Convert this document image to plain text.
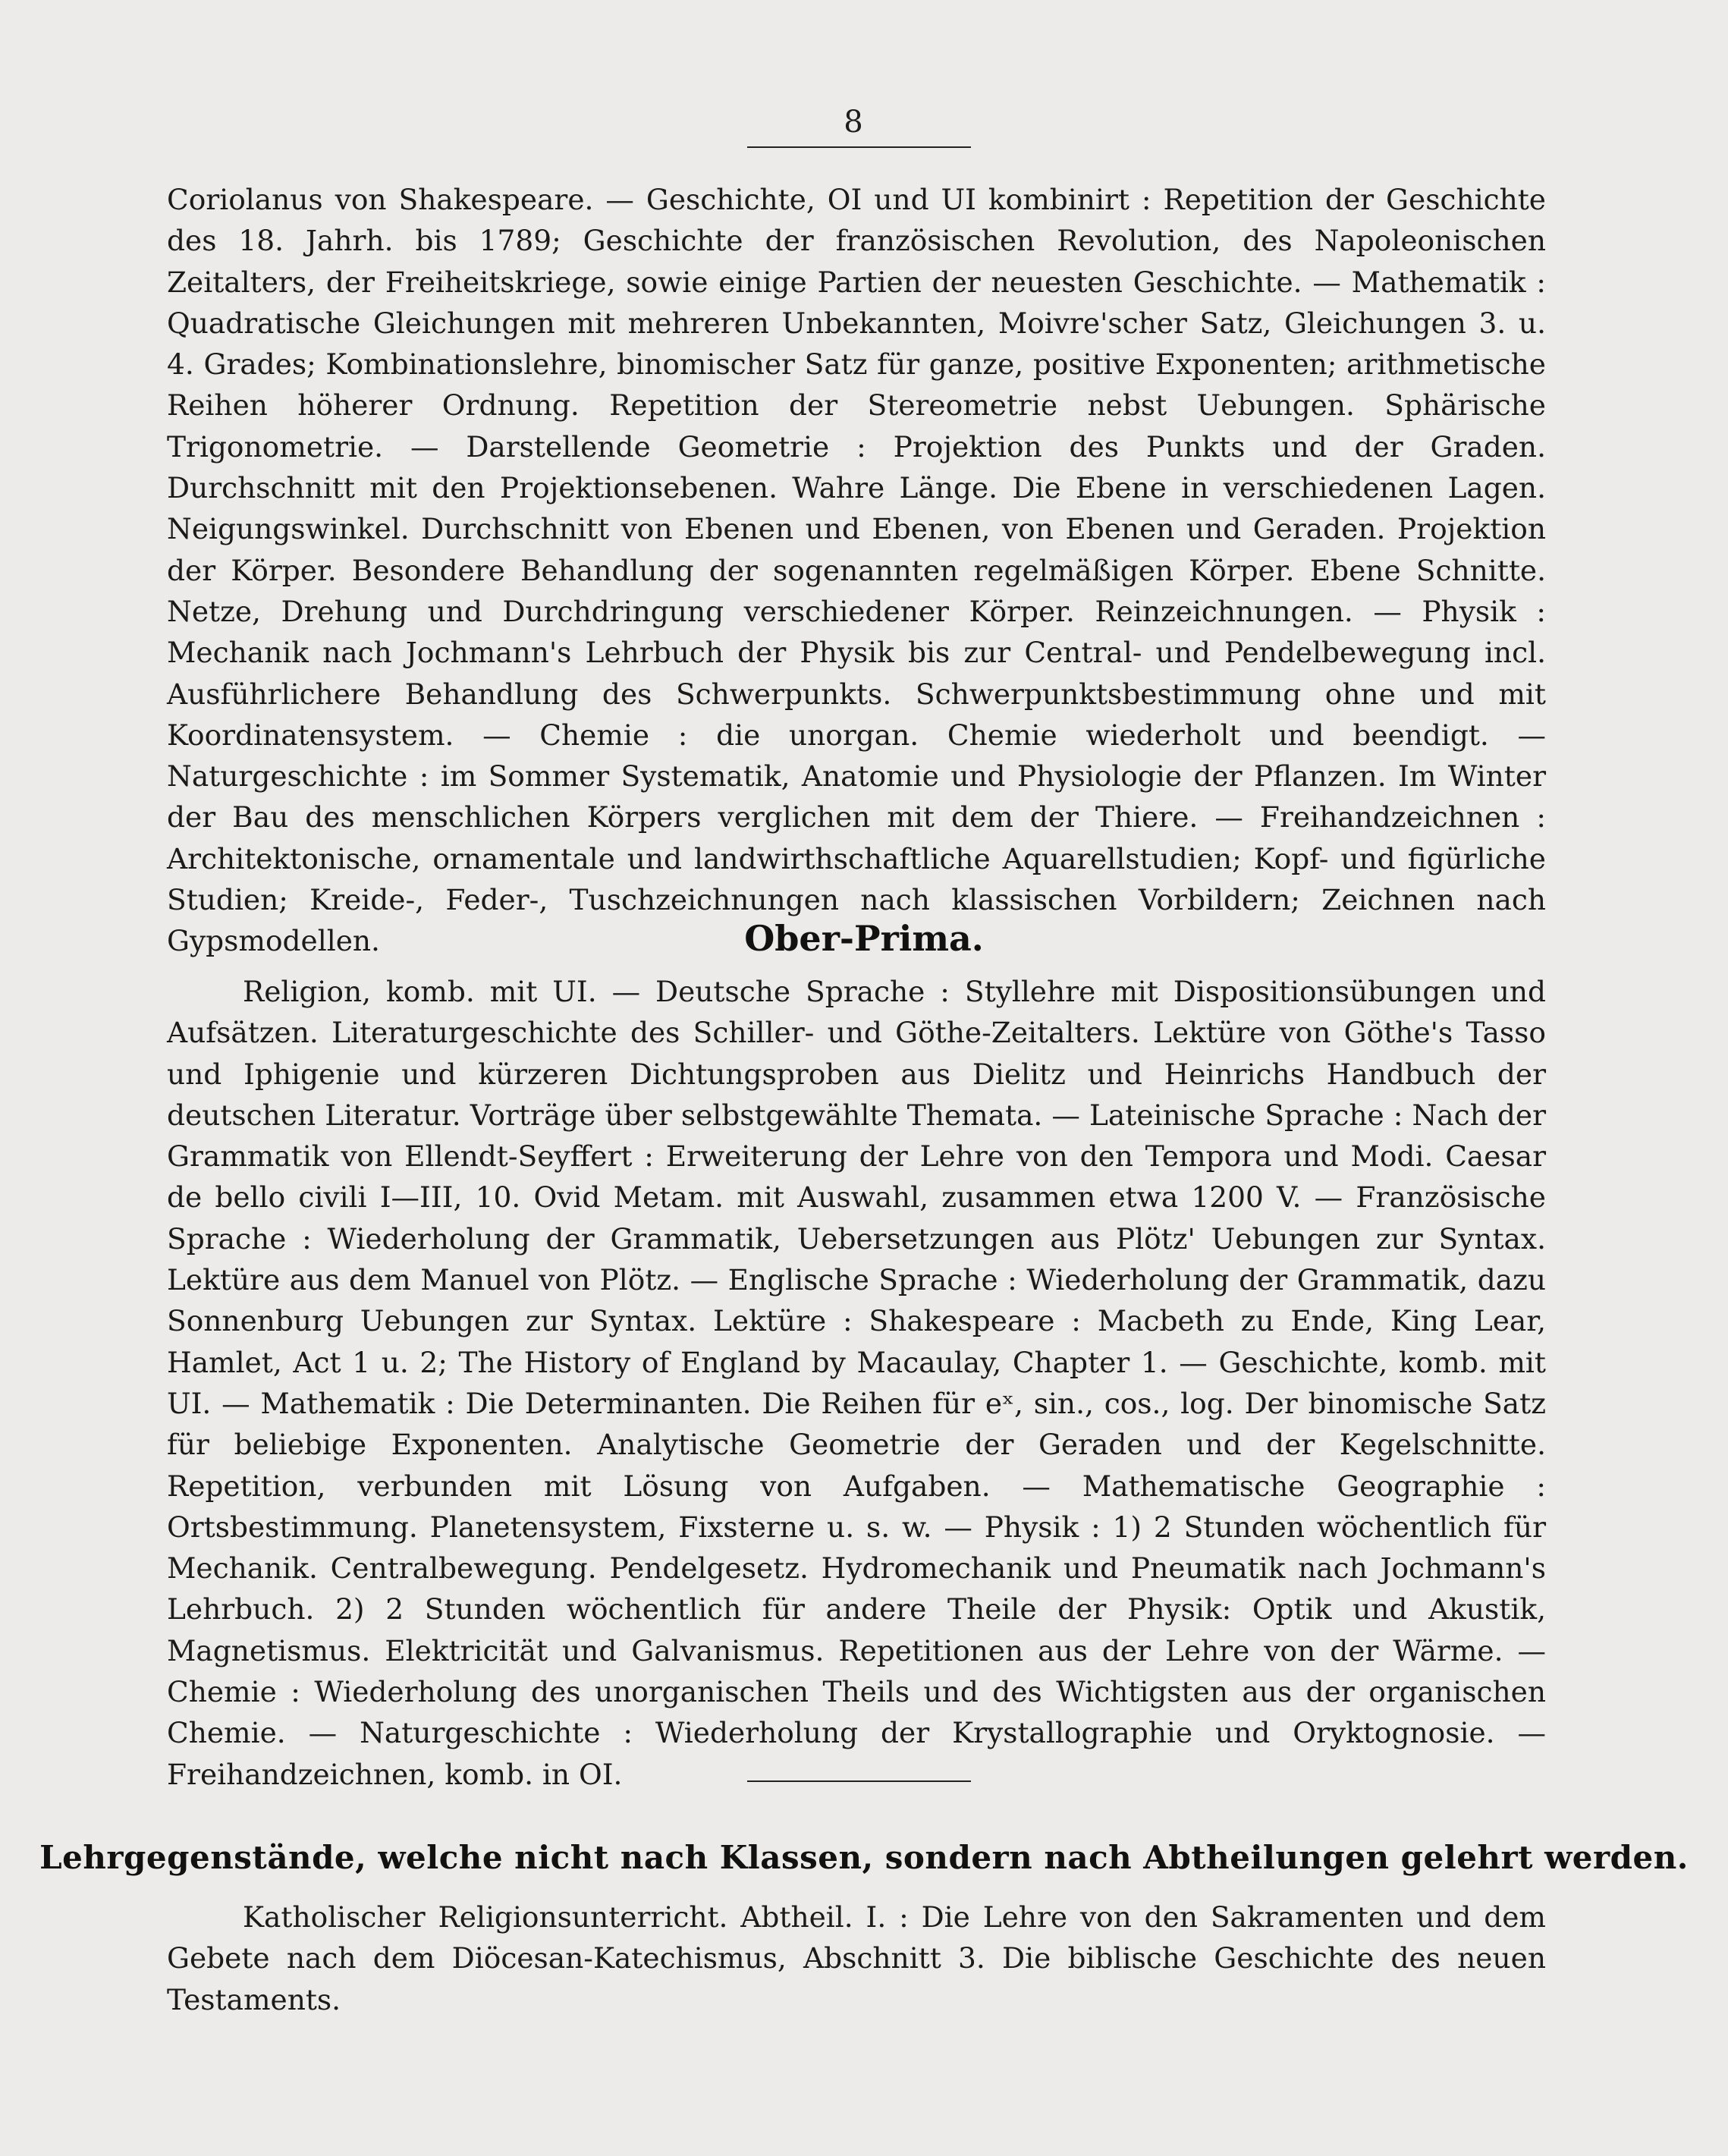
8

Coriolanus von Shakespeare. — Geschichte, OI und UI kombinirt : Repetition der Geschichte des 18. Jahrh. bis 1789; Geschichte der französischen Revolution, des Napoleonischen Zeitalters, der Freiheitskriege, sowie einige Partien der neuesten Geschichte. — Mathematik : Quadratische Gleichungen mit mehreren Unbekannten, Moivre'scher Satz, Gleichungen 3. u. 4. Grades; Kombinationslehre, binomischer Satz für ganze, positive Exponenten; arithmetische Reihen höherer Ordnung. Repetition der Stereometrie nebst Uebungen. Sphärische Trigonometrie. — Darstellende Geometrie : Projektion des Punkts und der Graden. Durchschnitt mit den Projektionsebenen. Wahre Länge. Die Ebene in verschiedenen Lagen. Neigungswinkel. Durchschnitt von Ebenen und Ebenen, von Ebenen und Geraden. Projektion der Körper. Besondere Behandlung der sogenannten regelmäßigen Körper. Ebene Schnitte. Netze, Drehung und Durchdringung verschiedener Körper. Reinzeichnungen. — Physik : Mechanik nach Jochmann's Lehrbuch der Physik bis zur Central- und Pendelbewegung incl. Ausführlichere Behandlung des Schwerpunkts. Schwerpunktsbestimmung ohne und mit Koordinatensystem. — Chemie : die unorgan. Chemie wiederholt und beendigt. — Naturgeschichte : im Sommer Systematik, Anatomie und Physiologie der Pflanzen. Im Winter der Bau des menschlichen Körpers verglichen mit dem der Thiere. — Freihandzeichnen : Architektonische, ornamentale und landwirthschaftliche Aquarellstudien; Kopf- und figürliche Studien; Kreide-, Feder-, Tuschzeichnungen nach klassischen Vorbildern; Zeichnen nach Gypsmodellen.	Ober-Prima.

Religion, komb. mit UI. — Deutsche Sprache : Styllehre mit Dispositionsübungen und Aufsätzen. Literaturgeschichte des Schiller- und Göthe-Zeitalters. Lektüre von Göthe's Tasso und Iphigenie und kürzeren Dichtungsproben aus Dielitz und Heinrichs Handbuch der deutschen Literatur. Vorträge über selbstgewählte Themata. — Lateinische Sprache : Nach der Grammatik von Ellendt-Seyffert : Erweiterung der Lehre von den Tempora und Modi. Caesar de bello civili I—III, 10. Ovid Metam. mit Auswahl, zusammen etwa 1200 V. — Französische Sprache : Wiederholung der Grammatik, Uebersetzungen aus Plötz' Uebungen zur Syntax. Lektüre aus dem Manuel von Plötz. — Englische Sprache : Wiederholung der Grammatik, dazu Sonnenburg Uebungen zur Syntax. Lektüre : Shakespeare : Macbeth zu Ende, King Lear, Hamlet, Act 1 u. 2; The History of England by Macaulay, Chapter 1. — Geschichte, komb. mit UI. — Mathematik : Die Determinanten. Die Reihen für eˣ, sin., cos., log. Der binomische Satz für beliebige Exponenten. Analytische Geometrie der Geraden und der Kegelschnitte. Repetition, verbunden mit Lösung von Aufgaben. — Mathematische Geographie : Ortsbestimmung. Planetensystem, Fixsterne u. s. w. — Physik : 1) 2 Stunden wöchentlich für Mechanik. Centralbewegung. Pendelgesetz. Hydromechanik und Pneumatik nach Jochmann's Lehrbuch. 2) 2 Stunden wöchentlich für andere Theile der Physik: Optik und Akustik, Magnetismus. Elektricität und Galvanismus. Repetitionen aus der Lehre von der Wärme. — Chemie : Wiederholung des unorganischen Theils und des Wichtigsten aus der organischen Chemie. — Naturgeschichte : Wiederholung der Krystallographie und Oryktognosie. — Freihandzeichnen, komb. in OI.

Lehrgegenstände, welche nicht nach Klassen, sondern nach Abtheilungen gelehrt werden.

Katholischer Religionsunterricht. Abtheil. I. : Die Lehre von den Sakramenten und dem Gebete nach dem Diöcesan-Katechismus, Abschnitt 3. Die biblische Geschichte des neuen Testaments.
